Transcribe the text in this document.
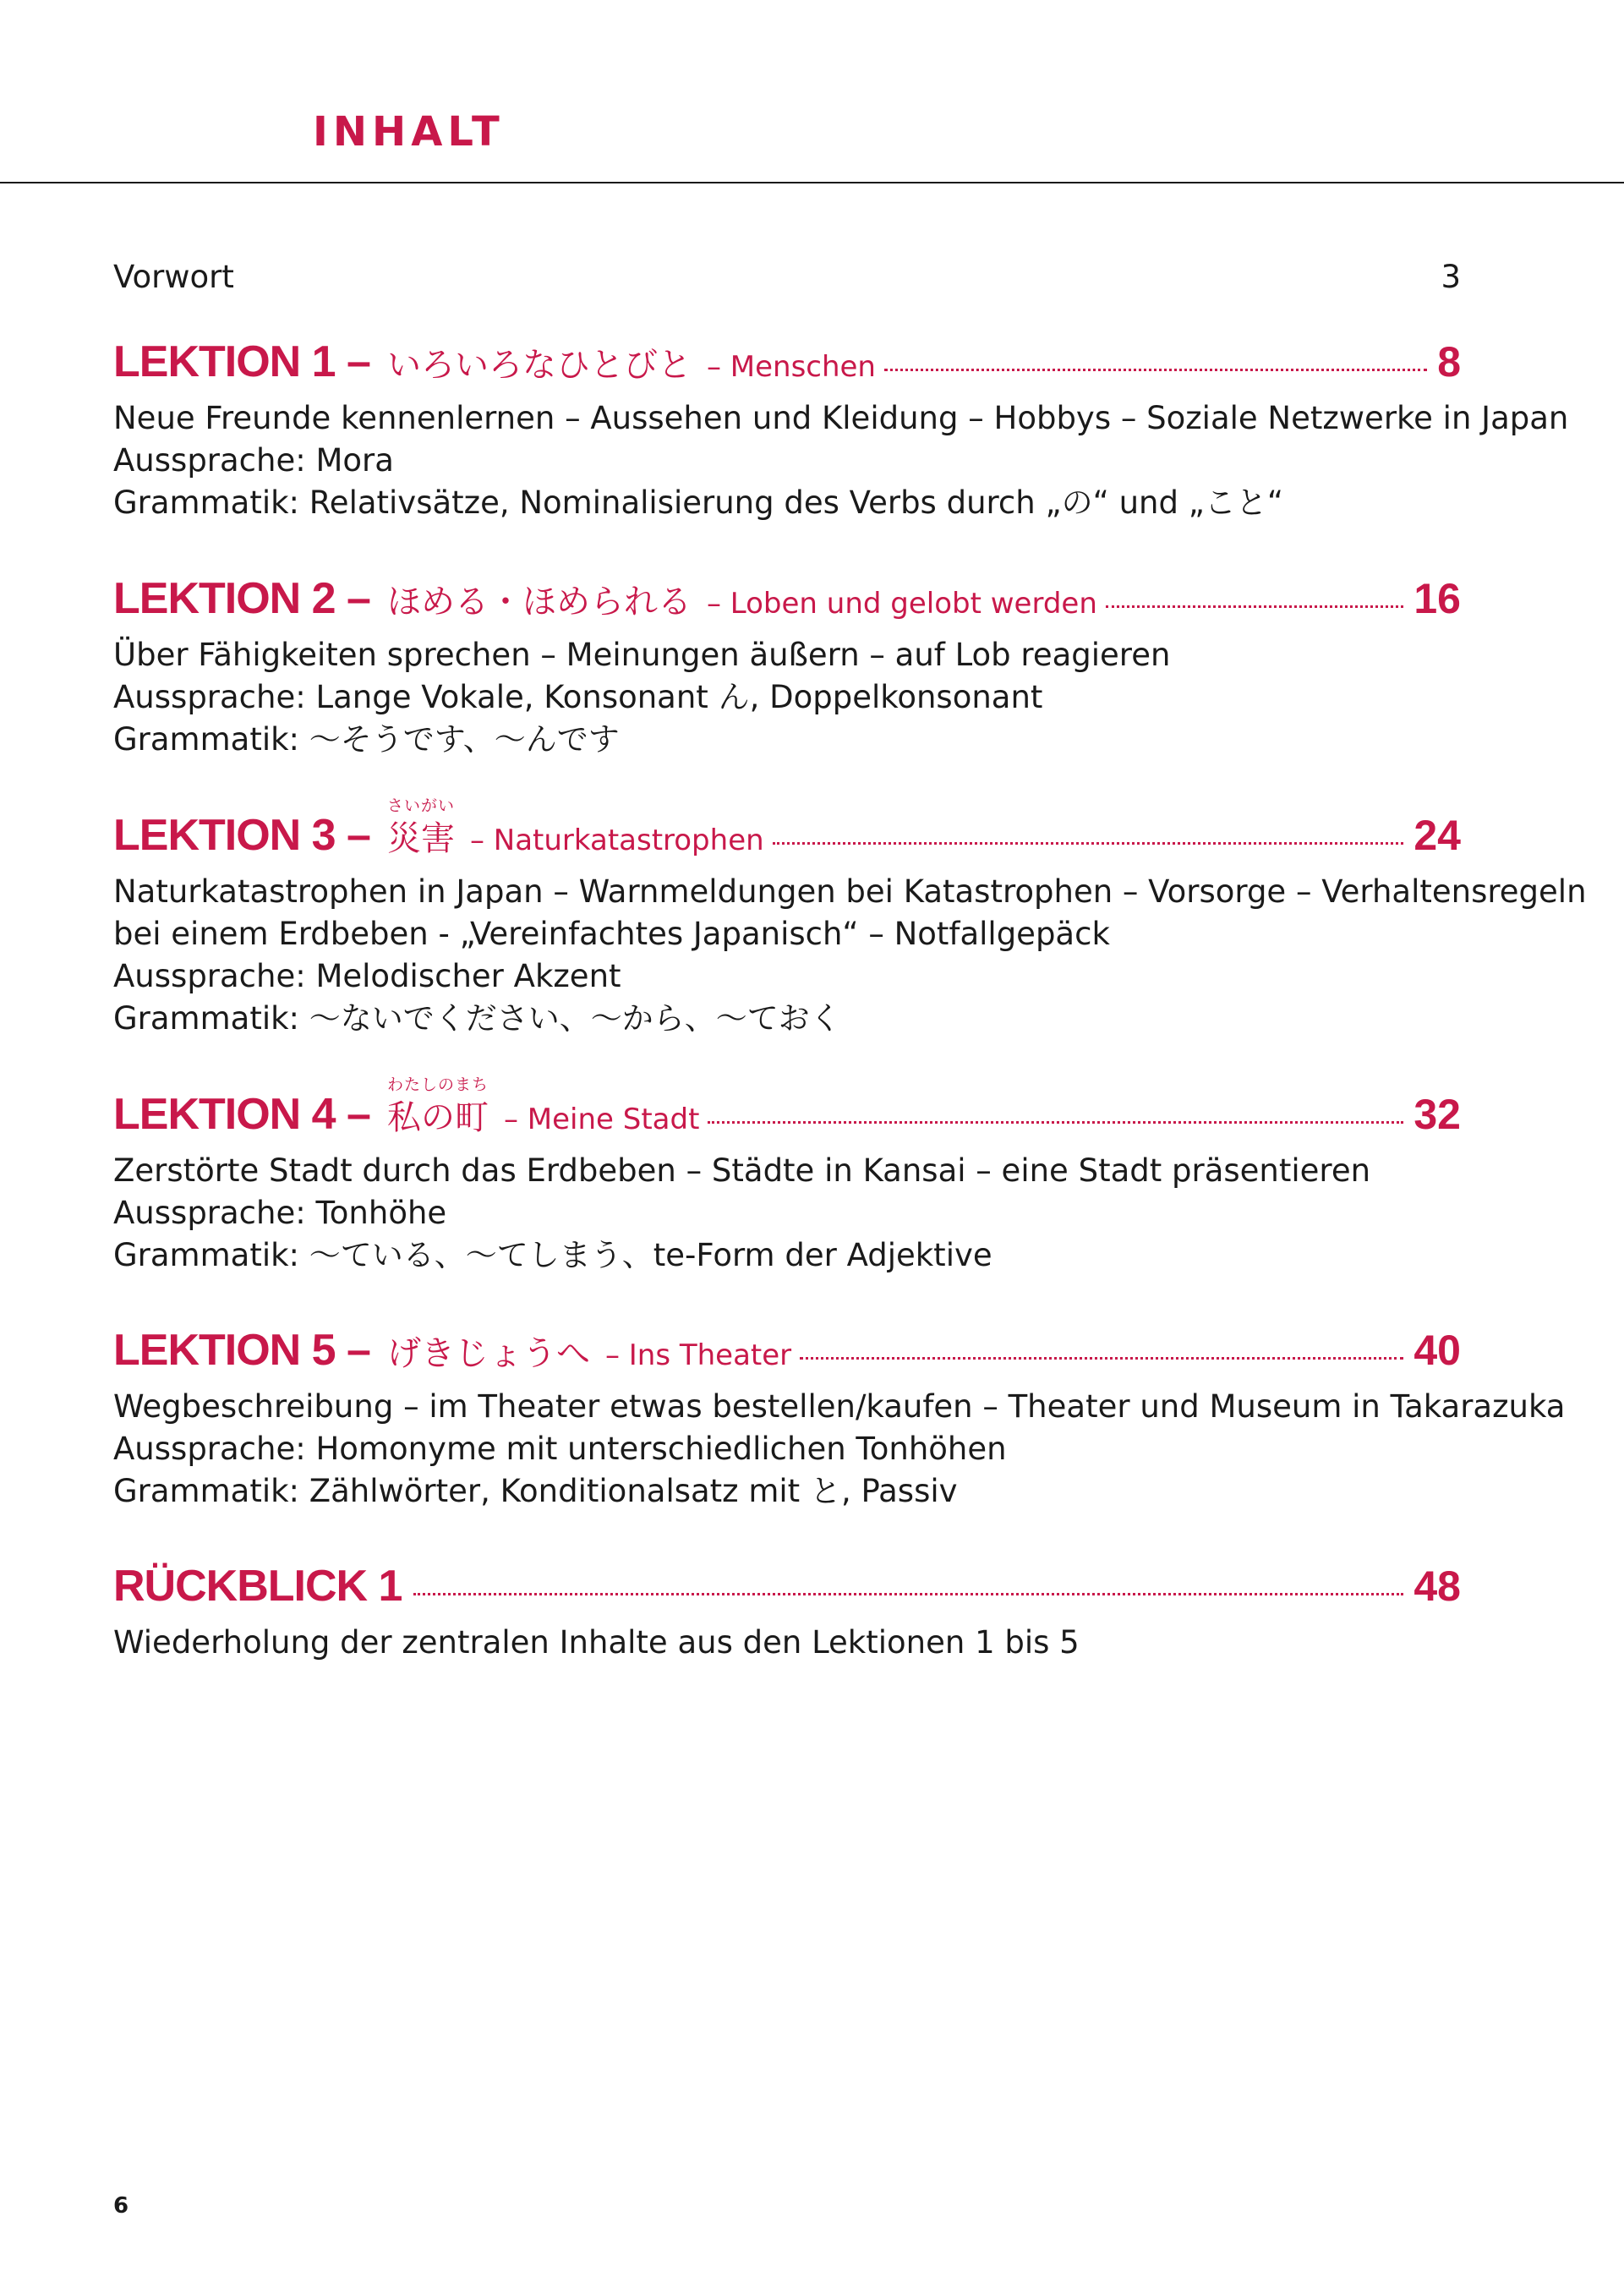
INHALT
Vorwort	3
LEKTION 1 – いろいろなひとびと – Menschen	8
Neue Freunde kennenlernen – Aussehen und Kleidung – Hobbys – Soziale Netzwerke in Japan
Aussprache: Mora
Grammatik: Relativsätze, Nominalisierung des Verbs durch „の“ und „こと“
LEKTION 2 – ほめる・ほめられる – Loben und gelobt werden	16
Über Fähigkeiten sprechen – Meinungen äußern – auf Lob reagieren
Aussprache: Lange Vokale, Konsonant ん, Doppelkonsonant
Grammatik: 〜そうです、〜んです
LEKTION 3 –
さいがい
災害 – Naturkatastrophen	24
Naturkatastrophen in Japan – Warnmeldungen bei Katastrophen – Vorsorge – Verhaltensregeln
bei einem Erdbeben - „Vereinfachtes Japanisch“ – Notfallgepäck
Aussprache: Melodischer Akzent
Grammatik: 〜ないでください、〜から、〜ておく
LEKTION 4 –
わたしのまち
私の町 – Meine Stadt	32
Zerstörte Stadt durch das Erdbeben – Städte in Kansai – eine Stadt präsentieren
Aussprache: Tonhöhe
Grammatik: 〜ている、〜てしまう、te-Form der Adjektive
LEKTION 5 – げきじょうへ – Ins Theater	40
Wegbeschreibung – im Theater etwas bestellen/kaufen – Theater und Museum in Takarazuka
Aussprache: Homonyme mit unterschiedlichen Tonhöhen
Grammatik: Zählwörter, Konditionalsatz mit と, Passiv
RÜCKBLICK 1	48
Wiederholung der zentralen Inhalte aus den Lektionen 1 bis 5
6
